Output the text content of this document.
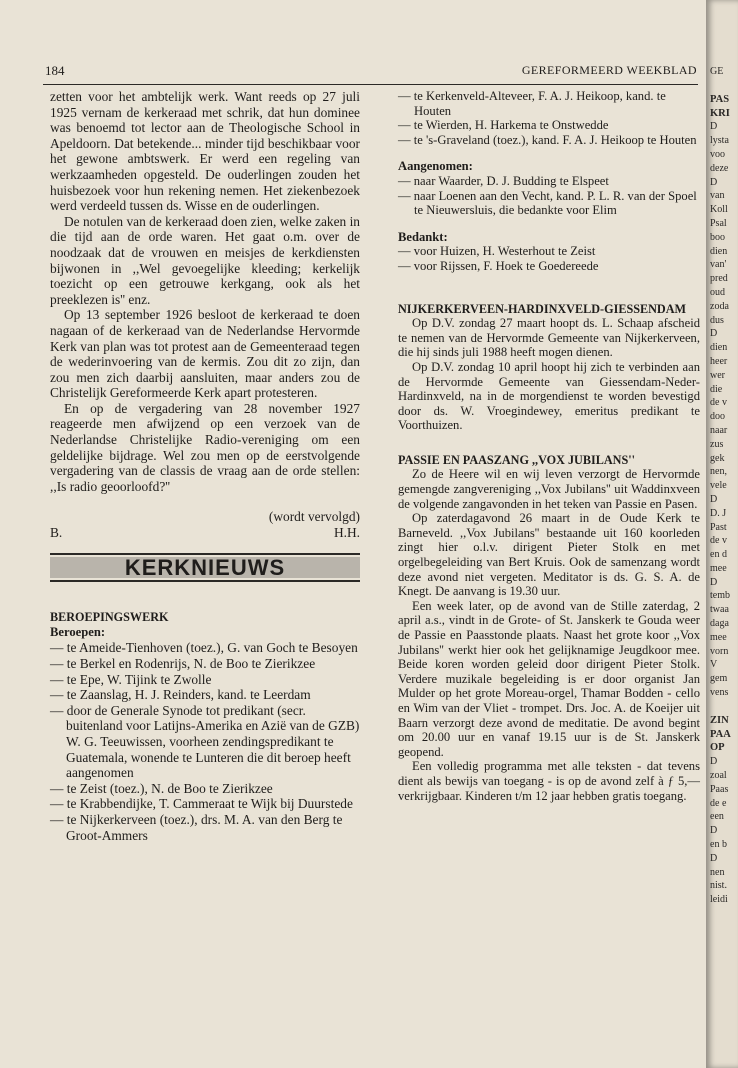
184	GEREFORMEERD WEEKBLAD

zetten voor het ambtelijk werk. Want reeds op 27 juli 1925 vernam de kerkeraad met schrik, dat hun dominee was benoemd tot lector aan de Theologische School in Apeldoorn. Dat betekende... minder tijd beschikbaar voor het gewone ambtswerk. Er werd een regeling van werkzaamheden opgesteld. De ouderlingen zouden het huisbezoek voor hun rekening nemen. Het ziekenbezoek werd verdeeld tussen ds. Wisse en de ouderlingen.

De notulen van de kerkeraad doen zien, welke zaken in die tijd aan de orde waren. Het gaat o.m. over de noodzaak dat de vrouwen en meisjes de kerkdiensten bijwonen in ,,Wel gevoegelijke kleeding; kerkelijk toezicht op een getrouwe kerkgang, ook als het preeklezen is'' enz.

Op 13 september 1926 besloot de kerkeraad te doen nagaan of de kerkeraad van de Nederlandse Hervormde Kerk van plan was tot protest aan de Gemeenteraad tegen de wederinvoering van de kermis. Zou dit zo zijn, dan zou men zich daarbij aansluiten, maar anders zou de Christelijk Gereformeerde Kerk apart protesteren.

En op de vergadering van 28 november 1927 reageerde men afwijzend op een verzoek van de Nederlandse Christelijke Radio-vereniging om een geldelijke bijdrage. Wel zou men op de eerstvolgende vergadering van de classis de vraag aan de orde stellen: ,,Is radio geoorloofd?''

(wordt vervolgd)
B.	H.H.
KERKNIEUWS
BEROEPINGSWERK
Beroepen:
— te Ameide-Tienhoven (toez.), G. van Goch te Besoyen
— te Berkel en Rodenrijs, N. de Boo te Zierikzee
— te Epe, W. Tijink te Zwolle
— te Zaanslag, H. J. Reinders, kand. te Leerdam
— door de Generale Synode tot predikant (secr. buitenland voor Latijns-Amerika en Azië van de GZB) W. G. Teeuwissen, voorheen zendingspredikant te Guatemala, wonende te Lunteren die dit beroep heeft aangenomen
— te Zeist (toez.), N. de Boo te Zierikzee
— te Krabbendijke, T. Cammeraat te Wijk bij Duurstede
— te Nijkerkerveen (toez.), drs. M. A. van den Berg te Groot-Ammers
— te Kerkenveld-Alteveer, F. A. J. Heikoop, kand. te Houten
— te Wierden, H. Harkema te Onstwedde
— te 's-Graveland (toez.), kand. F. A. J. Heikoop te Houten
Aangenomen:
— naar Waarder, D. J. Budding te Elspeet
— naar Loenen aan den Vecht, kand. P. L. R. van der Spoel te Nieuwersluis, die bedankte voor Elim
Bedankt:
— voor Huizen, H. Westerhout te Zeist
— voor Rijssen, F. Hoek te Goedereede
NIJKERKERVEEN-HARDINXVELD-GIESSENDAM

Op D.V. zondag 27 maart hoopt ds. L. Schaap afscheid te nemen van de Hervormde Gemeente van Nijkerkerveen, die hij sinds juli 1988 heeft mogen dienen.

Op D.V. zondag 10 april hoopt hij zich te verbinden aan de Hervormde Gemeente van Giessendam-Neder-Hardinxveld, na in de morgendienst te worden bevestigd door ds. W. Vroegindewey, emeritus predikant te Voorthuizen.

PASSIE EN PAASZANG ,,VOX JUBILANS''

Zo de Heere wil en wij leven verzorgt de Hervormde gemengde zangvereniging ,,Vox Jubilans'' uit Waddinxveen de volgende zangavonden in het teken van Passie en Pasen.

Op zaterdagavond 26 maart in de Oude Kerk te Barneveld. ,,Vox Jubilans'' bestaande uit 160 koorleden zingt hier o.l.v. dirigent Pieter Stolk en met orgelbegeleiding van Bert Kruis. Ook de samenzang wordt deze avond niet vergeten. Meditator is ds. G. S. A. de Knegt. De aanvang is 19.30 uur.

Een week later, op de avond van de Stille zaterdag, 2 april a.s., vindt in de Grote- of St. Janskerk te Gouda weer de Passie en Paasstonde plaats. Naast het grote koor ,,Vox Jubilans'' werkt hier ook het gelijknamige Jeugdkoor mee. Beide koren worden geleid door dirigent Pieter Stolk. Verdere muzikale begeleiding is er door organist Jan Mulder op het grote Moreau-orgel, Thamar Bodden - cello en Wim van der Vliet - trompet. Drs. Joc. A. de Koeijer uit Baarn verzorgt deze avond de meditatie. De avond begint om 20.00 uur en vanaf 19.15 uur is de St. Janskerk geopend.

Een volledig programma met alle teksten - dat tevens dient als bewijs van toegang - is op de avond zelf à ƒ 5,— verkrijgbaar. Kinderen t/m 12 jaar hebben gratis toegang.

GE
PAS
KRI
D
lysta
voo
deze
D
van
Koll
Psal
boo
dien
van'
pred
oud
zoda
dus
D
dien
heer
wer
die
de v
doo
naar
zus
gek
nen,
vele
D
D. J
Past
de v
en d
mee
D
temb
twaa
daga
mee
vorn
V
gem
vens
ZIN
PAA
OP
D
zoal
Paas
de e
een
D
en b
D
nen
nist.
leidi
